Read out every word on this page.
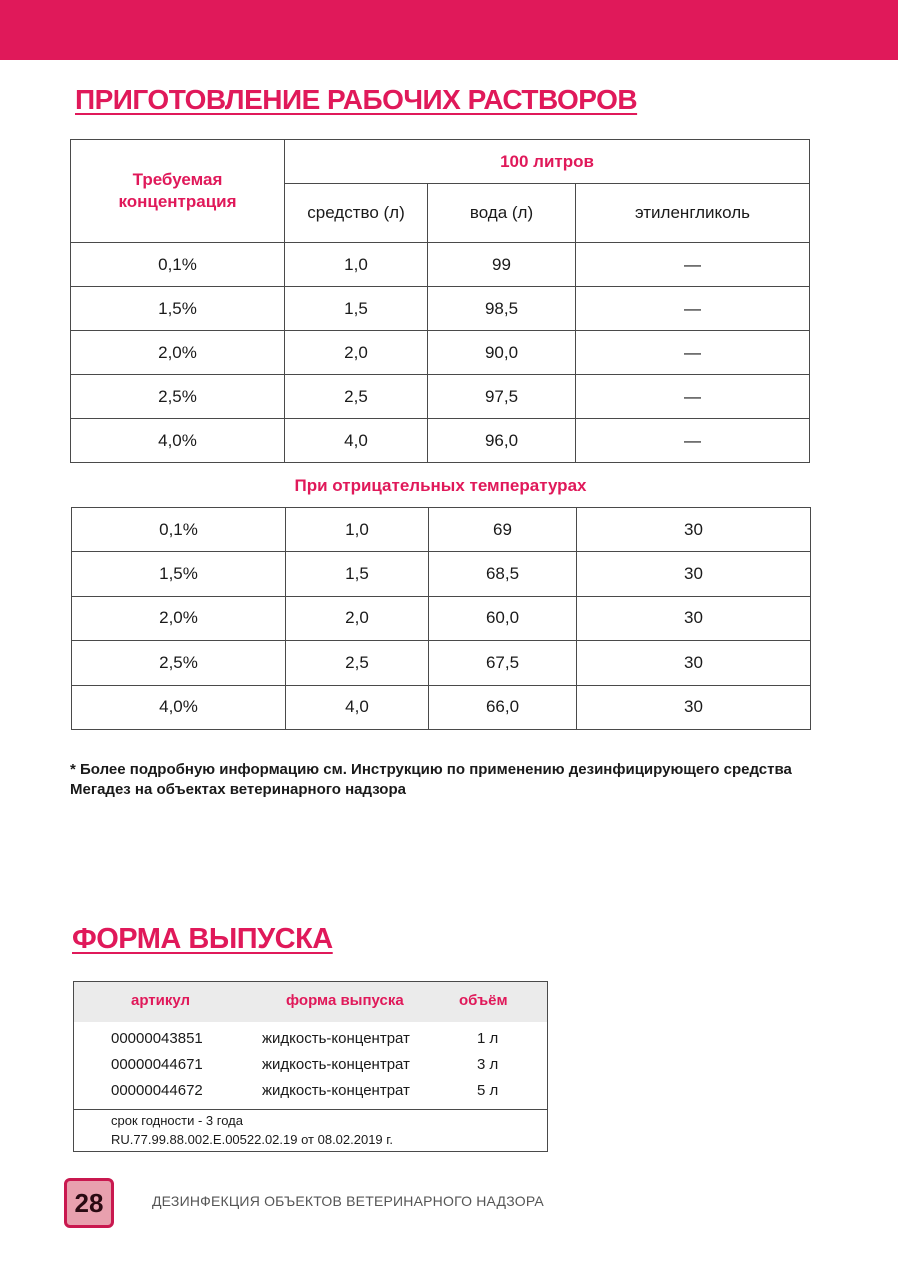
ПРИГОТОВЛЕНИЕ РАБОЧИХ РАСТВОРОВ
Требуемая концентрация	100 литров		
	средство (л)	вода (л)	этиленгликоль
0,1%	1,0	99	—
1,5%	1,5	98,5	—
2,0%	2,0	90,0	—
2,5%	2,5	97,5	—
4,0%	4,0	96,0	—
При отрицательных температурах
0,1%	1,0	69	30
1,5%	1,5	68,5	30
2,0%	2,0	60,0	30
2,5%	2,5	67,5	30
4,0%	4,0	66,0	30
* Более подробную информацию см. Инструкцию по применению дезинфицирующего средства
Мегадез на объектах ветеринарного надзора
ФОРМА ВЫПУСКА
артикул	форма выпуска	объём
00000043851	жидкость-концентрат	1 л
00000044671	жидкость-концентрат	3 л
00000044672	жидкость-концентрат	5 л
срок годности - 3 года
RU.77.99.88.002.Е.00522.02.19 от 08.02.2019 г.
28	ДЕЗИНФЕКЦИЯ ОБЪЕКТОВ ВЕТЕРИНАРНОГО НАДЗОРА
